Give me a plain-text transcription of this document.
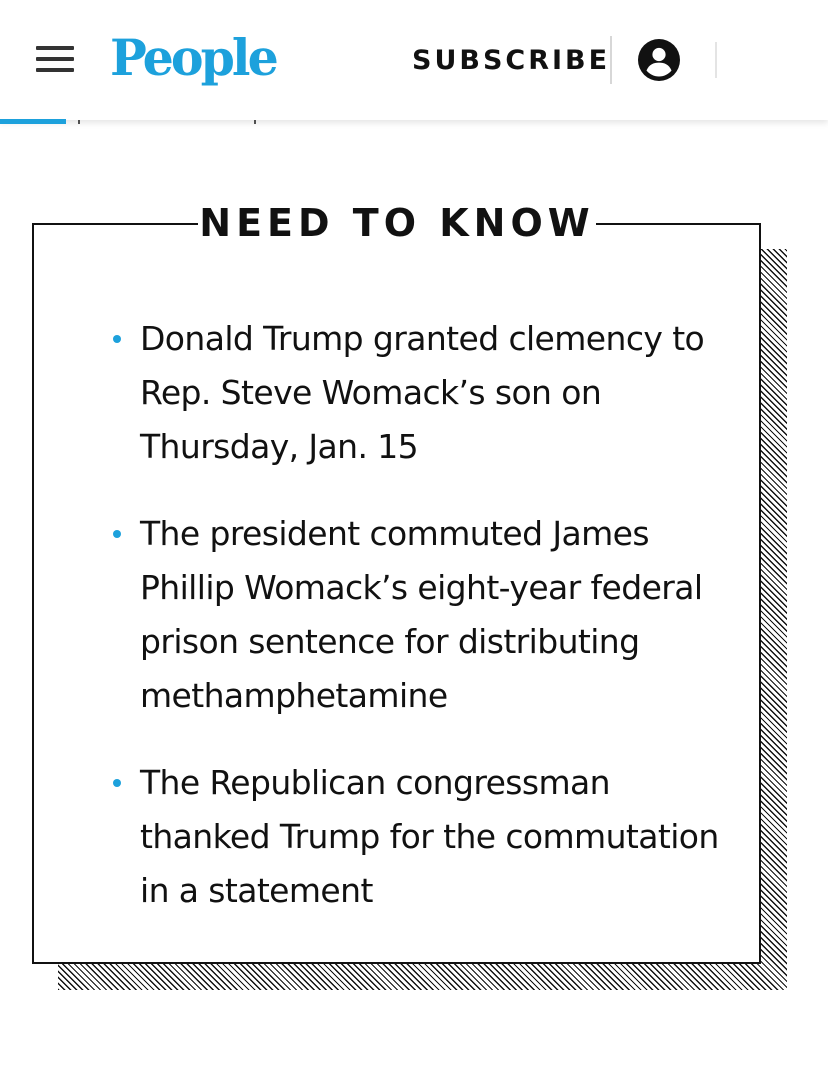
People	SUBSCRIBE
NEED TO KNOW
Donald Trump granted clemency to Rep. Steve Womack’s son on Thursday, Jan. 15
The president commuted James Phillip Womack’s eight-year federal prison sentence for distributing methamphetamine
The Republican congressman thanked Trump for the commutation in a statement
